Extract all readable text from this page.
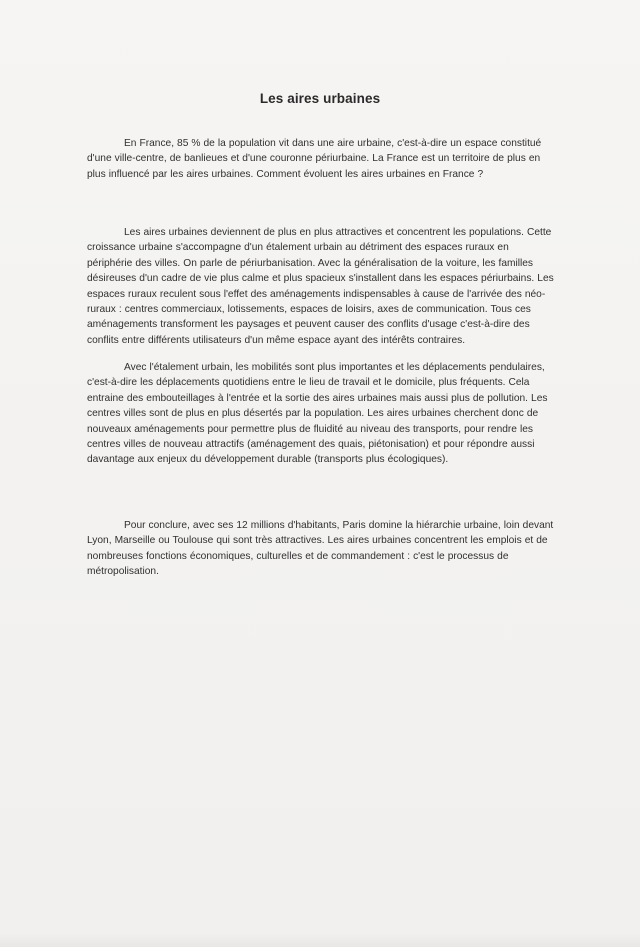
Les aires urbaines

En France, 85 % de la population vit dans une aire urbaine, c'est-à-dire un espace constitué d'une ville-centre, de banlieues et d'une couronne périurbaine. La France est un territoire de plus en plus influencé par les aires urbaines. Comment évoluent les aires urbaines en France ?

Les aires urbaines deviennent de plus en plus attractives et concentrent les populations. Cette croissance urbaine s'accompagne d'un étalement urbain au détriment des espaces ruraux en périphérie des villes. On parle de périurbanisation. Avec la généralisation de la voiture, les familles désireuses d'un cadre de vie plus calme et plus spacieux s'installent dans les espaces périurbains. Les espaces ruraux reculent sous l'effet des aménagements indispensables à cause de l'arrivée des néo-ruraux : centres commerciaux, lotissements, espaces de loisirs, axes de communication. Tous ces aménagements transforment les paysages et peuvent causer des conflits d'usage c'est-à-dire des conflits entre différents utilisateurs d'un même espace ayant des intérêts contraires.

Avec l'étalement urbain, les mobilités sont plus importantes et les déplacements pendulaires, c'est-à-dire les déplacements quotidiens entre le lieu de travail et le domicile, plus fréquents. Cela entraine des embouteillages à l'entrée et la sortie des aires urbaines mais aussi plus de pollution. Les centres villes sont de plus en plus désertés par la population. Les aires urbaines cherchent donc de nouveaux aménagements pour permettre plus de fluidité au niveau des transports, pour rendre les centres villes de nouveau attractifs (aménagement des quais, piétonisation) et pour répondre aussi davantage aux enjeux du développement durable (transports plus écologiques).

Pour conclure, avec ses 12 millions d'habitants, Paris domine la hiérarchie urbaine, loin devant Lyon, Marseille ou Toulouse qui sont très attractives. Les aires urbaines concentrent les emplois et de nombreuses fonctions économiques, culturelles et de commandement : c'est le processus de métropolisation.
